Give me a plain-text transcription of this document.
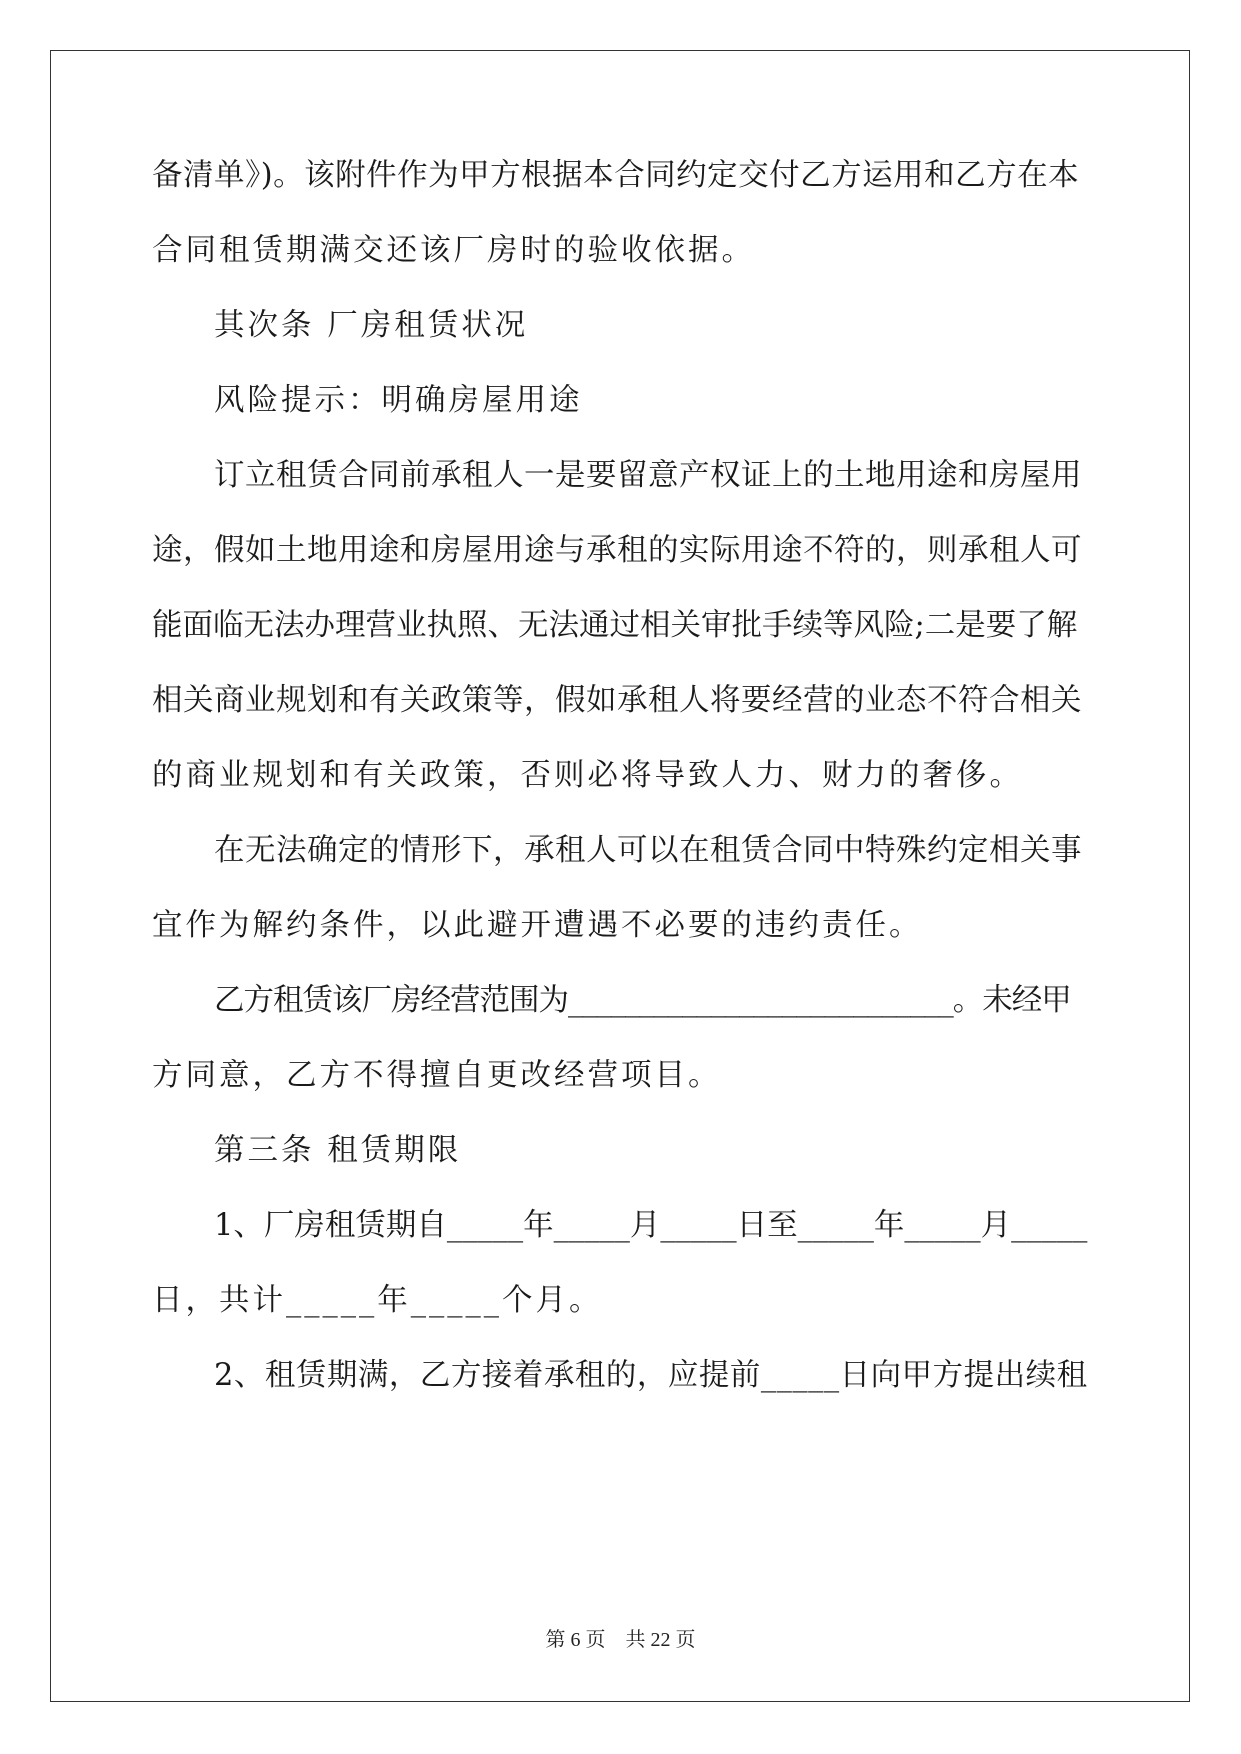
备清单》)。该附件作为甲方根据本合同约定交付乙方运用和乙方在本
合同租赁期满交还该厂房时的验收依据。
其次条 厂房租赁状况
风险提示：明确房屋用途
订立租赁合同前承租人一是要留意产权证上的土地用途和房屋用
途，假如土地用途和房屋用途与承租的实际用途不符的，则承租人可
能面临无法办理营业执照、无法通过相关审批手续等风险;二是要了解
相关商业规划和有关政策等，假如承租人将要经营的业态不符合相关
的商业规划和有关政策，否则必将导致人力、财力的奢侈。
在无法确定的情形下，承租人可以在租赁合同中特殊约定相关事
宜作为解约条件，以此避开遭遇不必要的违约责任。
乙方租赁该厂房经营范围为___________________________。未经甲
方同意，乙方不得擅自更改经营项目。
第三条 租赁期限
1、厂房租赁期自_____年_____月_____日至_____年_____月_____
日，共计_____年_____个月。
2、租赁期满，乙方接着承租的，应提前_____日向甲方提出续租
第 6 页　共 22 页
